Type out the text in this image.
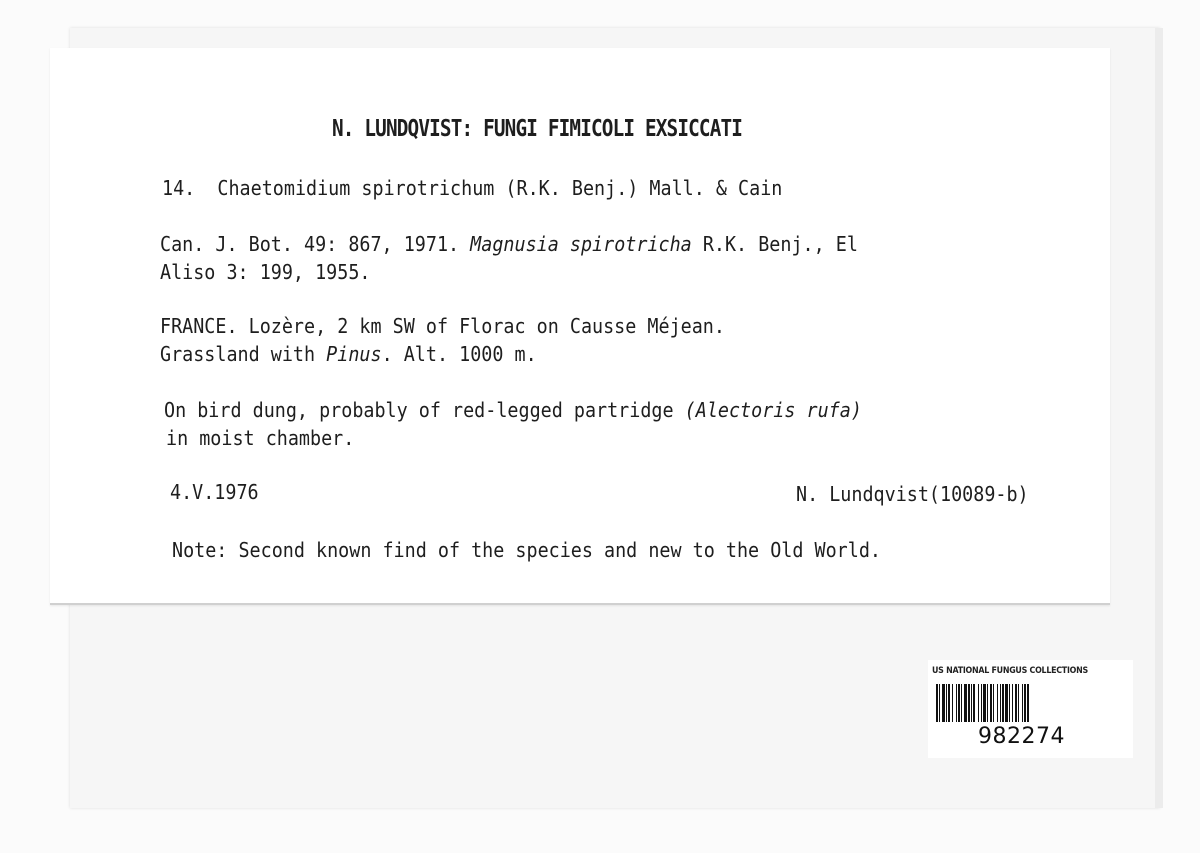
N. LUNDQVIST: FUNGI FIMICOLI EXSICCATI
14. Chaetomidium spirotrichum (R.K. Benj.) Mall. & Cain
Can. J. Bot. 49: 867, 1971. Magnusia spirotricha R.K. Benj., El
Aliso 3: 199, 1955.
FRANCE. Lozère, 2 km SW of Florac on Causse Méjean.
Grassland with Pinus. Alt. 1000 m.
On bird dung, probably of red-legged partridge (Alectoris rufa)
in moist chamber.
4.V.1976	N. Lundqvist(10089-b)
Note: Second known find of the species and new to the Old World.
US NATIONAL FUNGUS COLLECTIONS
982274
